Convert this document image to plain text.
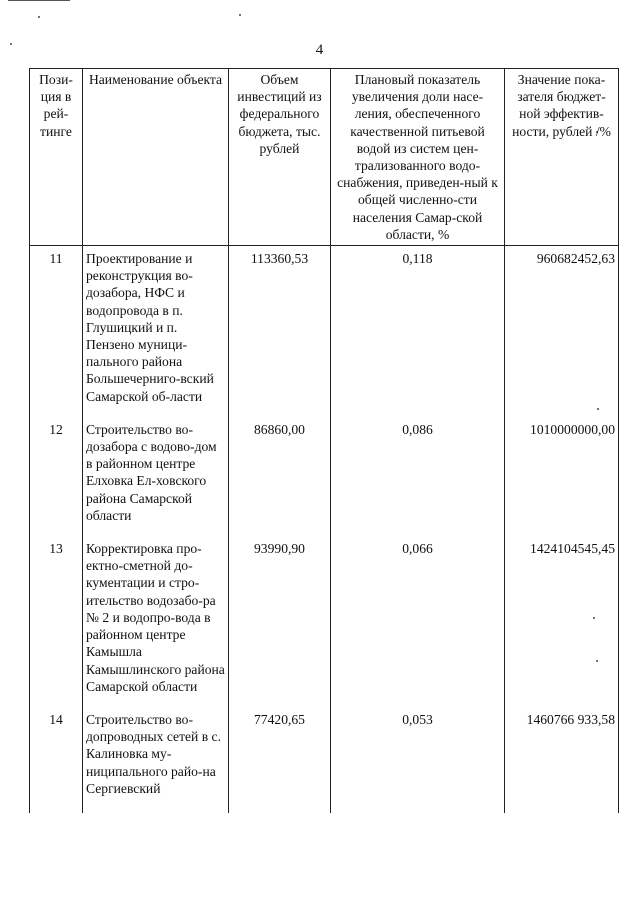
4
Пози-ция в рей-тинге	Наименование объекта	Объем инвестиций из федерального бюджета, тыс. рублей	Плановый показатель увеличения доли насе-ления, обеспеченного качественной питьевой водой из систем цен-трализованного водо-снабжения, приведен-ный к общей численно-сти населения Самар-ской области, %	Значение пока-зателя бюджет-ной эффектив-ности, рублей /%
11	Проектирование и реконструкция во-дозабора, НФС и водопровода в п. Глушицкий и п. Пензено муници-пального района Большечерниго-вский Самарской об-ласти	113360,53	0,118	960682452,63
12	Строительство во-дозабора с водово-дом в районном центре Елховка Ел-ховского района Самарской области	86860,00	0,086	1010000000,00
13	Корректировка про-ектно-сметной до-кументации и стро-ительство водозабо-ра № 2 и водопро-вода в районном центре Камышла Камышлинского района Самарской области	93990,90	0,066	1424104545,45
14	Строительство во-допроводных сетей в с. Калиновка му-ниципального райо-на Сергиевский	77420,65	0,053	1460766 933,58
